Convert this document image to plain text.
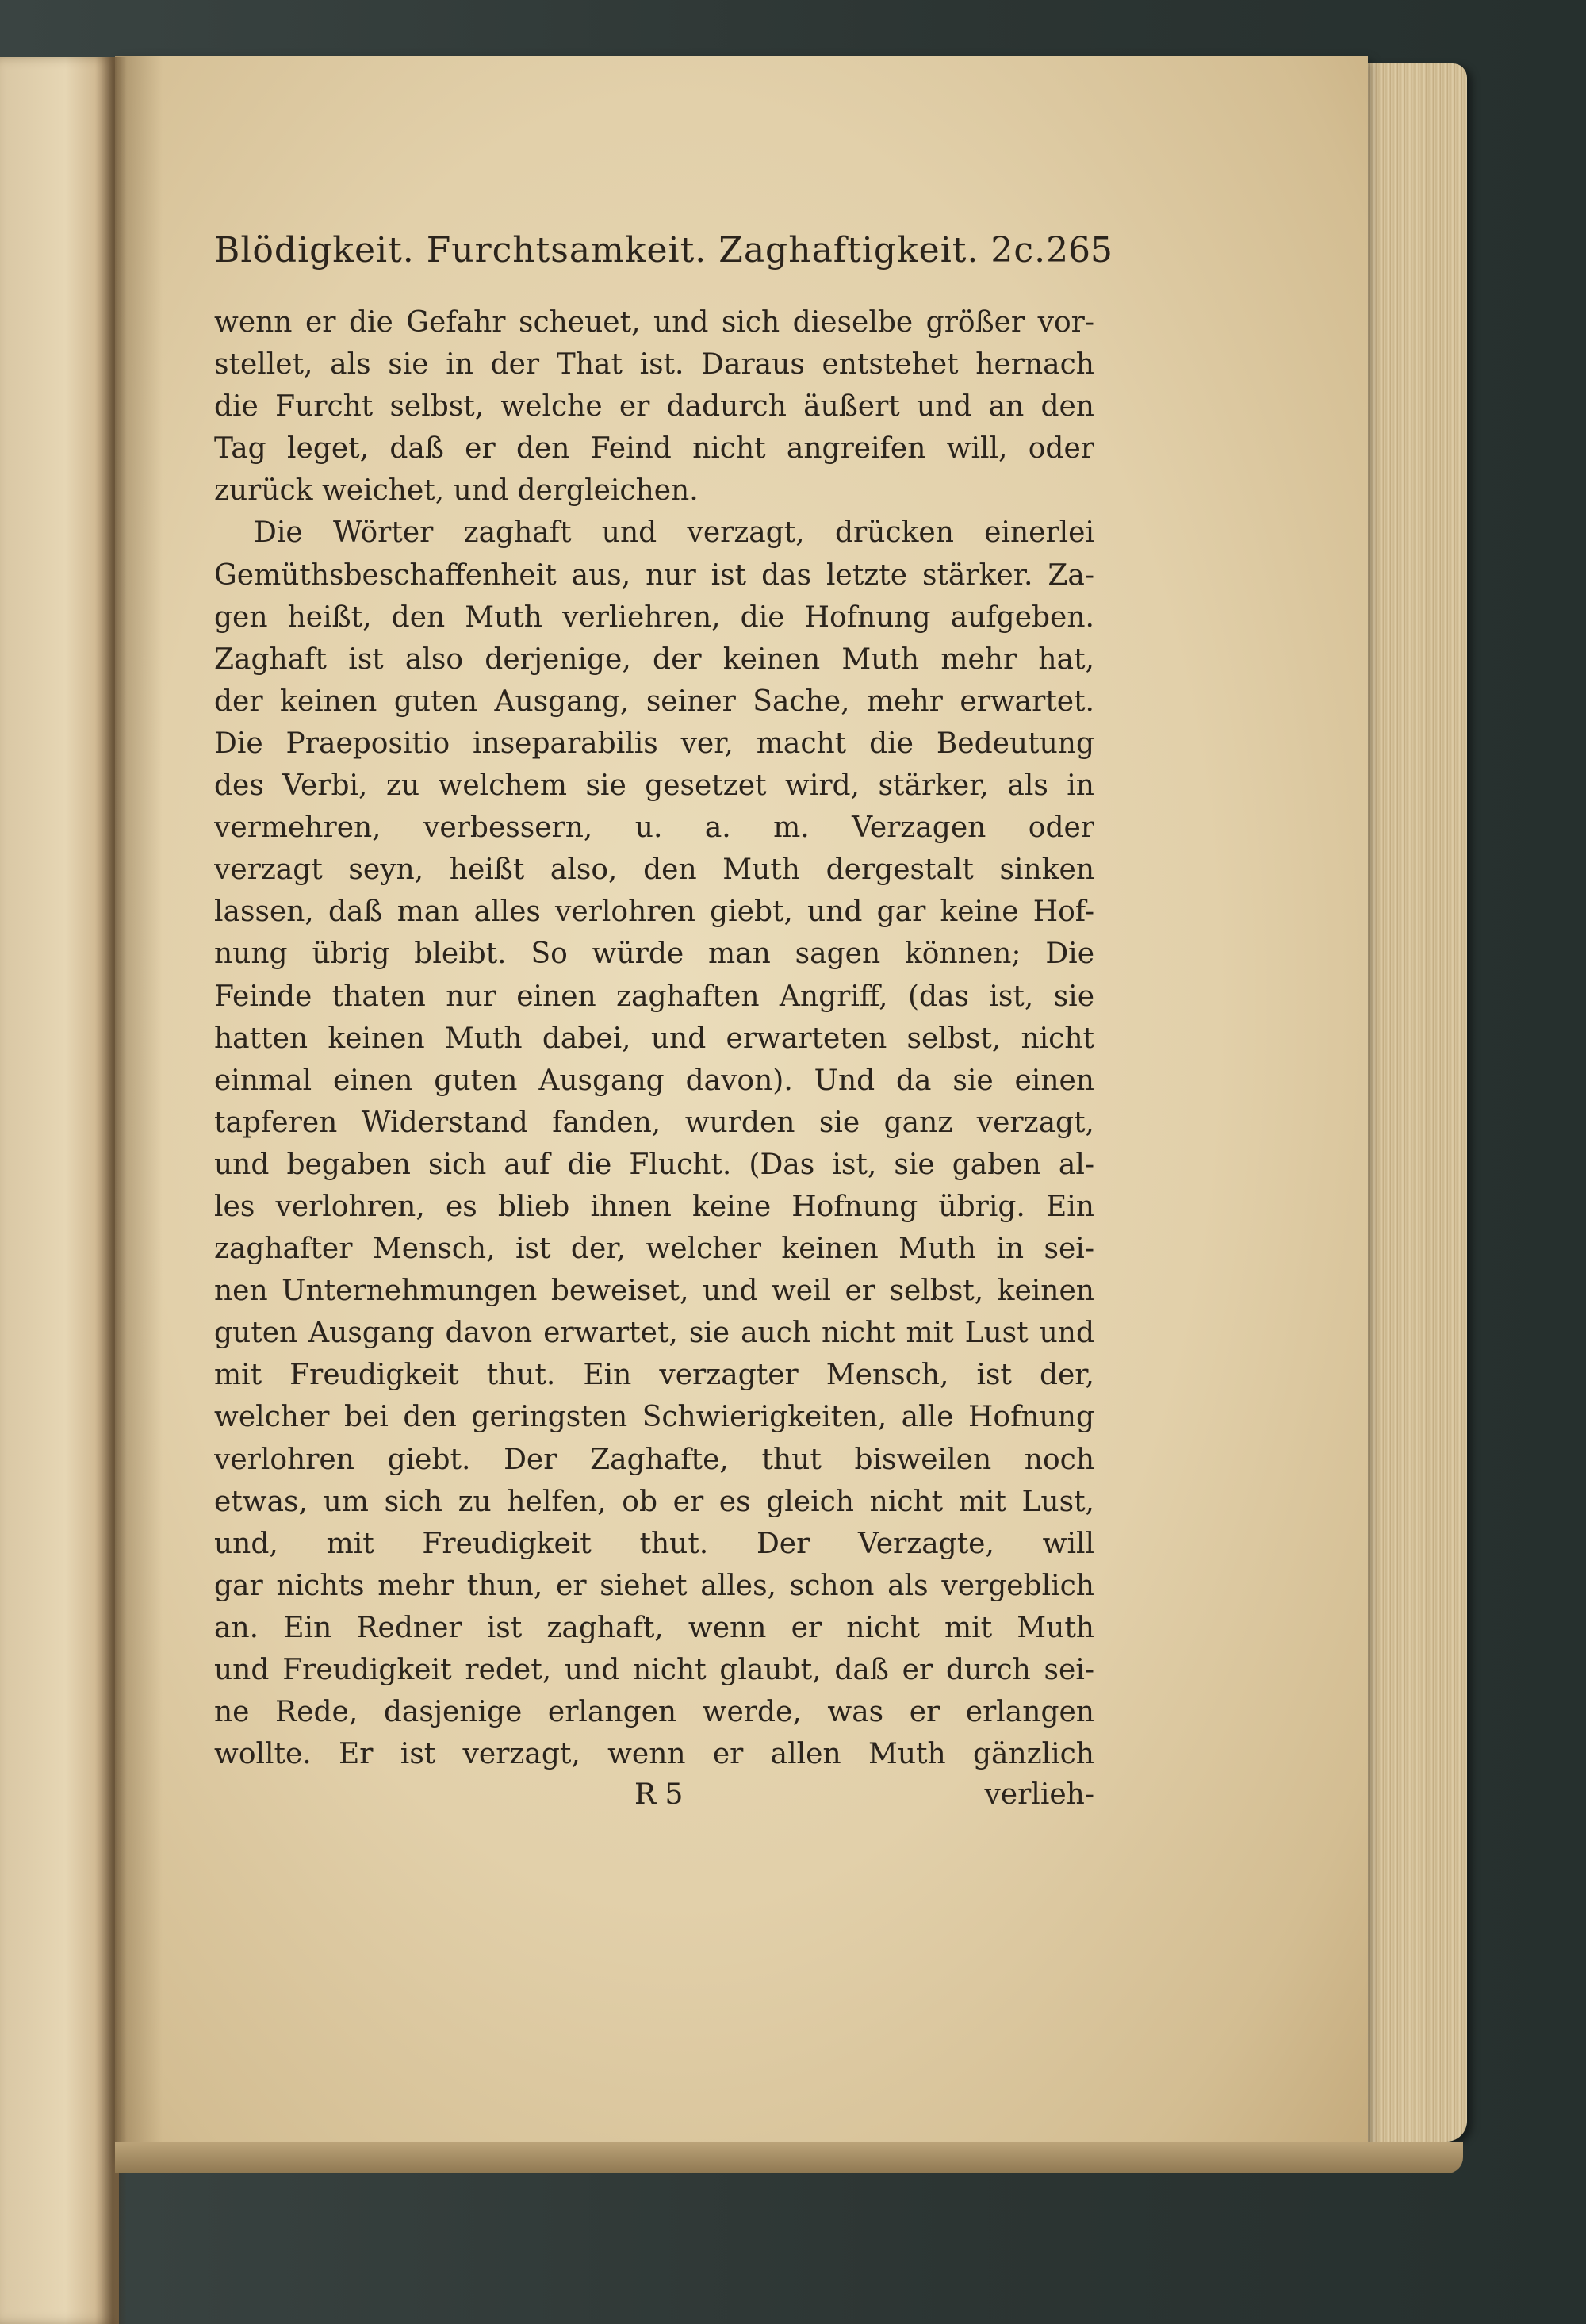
Blödigkeit. Furchtsamkeit. Zaghaftigkeit. 2c. 265
wenn er die Gefahr scheuet, und sich dieselbe größer vor-
stellet, als sie in der That ist. Daraus entstehet hernach
die Furcht selbst, welche er dadurch äußert und an den
Tag leget, daß er den Feind nicht angreifen will, oder
zurück weichet, und dergleichen.
Die Wörter zaghaft und verzagt, drücken einerlei
Gemüthsbeschaffenheit aus, nur ist das letzte stärker. Za-
gen heißt, den Muth verliehren, die Hofnung aufgeben.
Zaghaft ist also derjenige, der keinen Muth mehr hat,
der keinen guten Ausgang, seiner Sache, mehr erwartet.
Die Praepositio inseparabilis ver, macht die Bedeutung
des Verbi, zu welchem sie gesetzet wird, stärker, als in
vermehren, verbessern, u. a. m. Verzagen oder
verzagt seyn, heißt also, den Muth dergestalt sinken
lassen, daß man alles verlohren giebt, und gar keine Hof-
nung übrig bleibt. So würde man sagen können; Die
Feinde thaten nur einen zaghaften Angriff, (das ist, sie
hatten keinen Muth dabei, und erwarteten selbst, nicht
einmal einen guten Ausgang davon). Und da sie einen
tapferen Widerstand fanden, wurden sie ganz verzagt,
und begaben sich auf die Flucht. (Das ist, sie gaben al-
les verlohren, es blieb ihnen keine Hofnung übrig. Ein
zaghafter Mensch, ist der, welcher keinen Muth in sei-
nen Unternehmungen beweiset, und weil er selbst, keinen
guten Ausgang davon erwartet, sie auch nicht mit Lust und
mit Freudigkeit thut. Ein verzagter Mensch, ist der,
welcher bei den geringsten Schwierigkeiten, alle Hofnung
verlohren giebt. Der Zaghafte, thut bisweilen noch
etwas, um sich zu helfen, ob er es gleich nicht mit Lust,
und, mit Freudigkeit thut. Der Verzagte, will
gar nichts mehr thun, er siehet alles, schon als vergeblich
an. Ein Redner ist zaghaft, wenn er nicht mit Muth
und Freudigkeit redet, und nicht glaubt, daß er durch sei-
ne Rede, dasjenige erlangen werde, was er erlangen
wollte. Er ist verzagt, wenn er allen Muth gänzlich
R 5	verlieh-
